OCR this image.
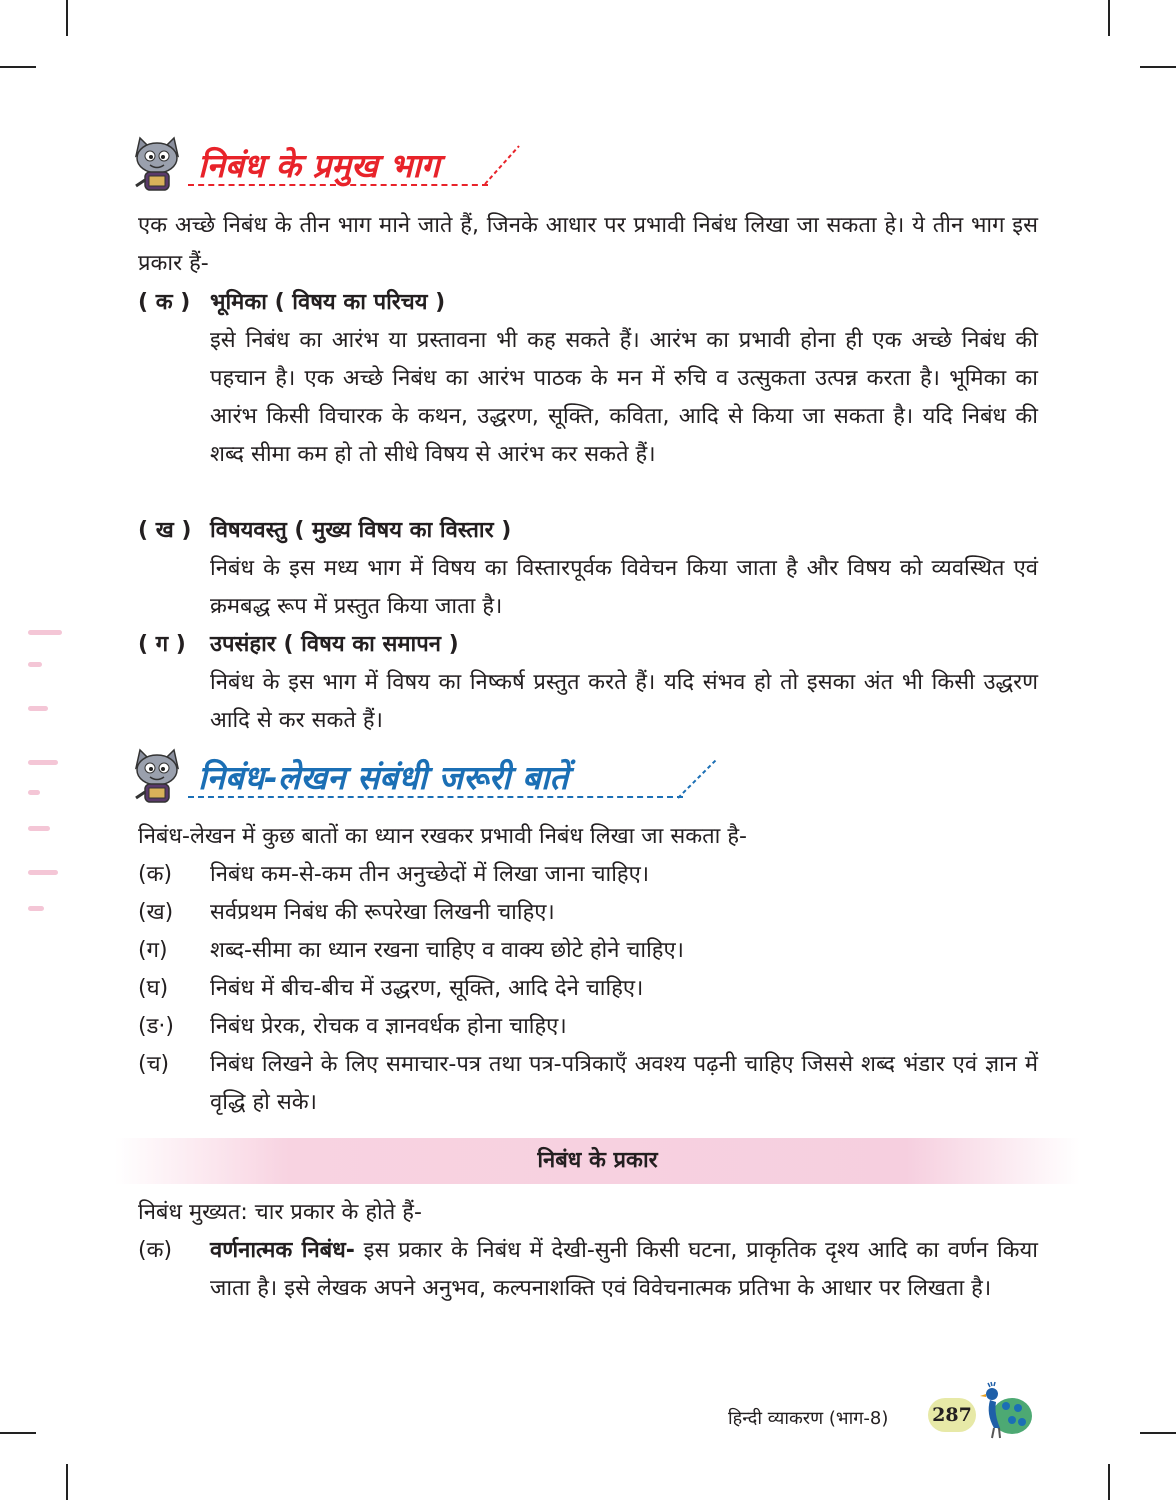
निबंध के प्रमुख भाग
एक अच्छे निबंध के तीन भाग माने जाते हैं, जिनके आधार पर प्रभावी निबंध लिखा जा सकता हे। ये तीन भाग इस प्रकार हैं-
( क ) भूमिका ( विषय का परिचय )
इसे निबंध का आरंभ या प्रस्तावना भी कह सकते हैं। आरंभ का प्रभावी होना ही एक अच्छे निबंध की पहचान है। एक अच्छे निबंध का आरंभ पाठक के मन में रुचि व उत्सुकता उत्पन्न करता है। भूमिका का आरंभ किसी विचारक के कथन, उद्धरण, सूक्ति, कविता, आदि से किया जा सकता है। यदि निबंध की शब्द सीमा कम हो तो सीधे विषय से आरंभ कर सकते हैं।
( ख ) विषयवस्तु ( मुख्य विषय का विस्तार )
निबंध के इस मध्य भाग में विषय का विस्तारपूर्वक विवेचन किया जाता है और विषय को व्यवस्थित एवं क्रमबद्ध रूप में प्रस्तुत किया जाता है।
( ग )	उपसंहार ( विषय का समापन )
निबंध के इस भाग में विषय का निष्कर्ष प्रस्तुत करते हैं। यदि संभव हो तो इसका अंत भी किसी उद्धरण आदि से कर सकते हैं।
निबंध-लेखन संबंधी जरूरी बातें
निबंध-लेखन में कुछ बातों का ध्यान रखकर प्रभावी निबंध लिखा जा सकता है-
(क)	निबंध कम-से-कम तीन अनुच्छेदों में लिखा जाना चाहिए।
(ख)	सर्वप्रथम निबंध की रूपरेखा लिखनी चाहिए।
(ग)	शब्द-सीमा का ध्यान रखना चाहिए व वाक्य छोटे होने चाहिए।
(घ)	निबंध में बीच-बीच में उद्धरण, सूक्ति, आदि देने चाहिए।
(ड·)	निबंध प्रेरक, रोचक व ज्ञानवर्धक होना चाहिए।
(च)	निबंध लिखने के लिए समाचार-पत्र तथा पत्र-पत्रिकाएँ अवश्य पढ़नी चाहिए जिससे शब्द भंडार एवं ज्ञान में वृद्धि हो सके।
निबंध के प्रकार
निबंध मुख्यत: चार प्रकार के होते हैं-
(क)	वर्णनात्मक निबंध- इस प्रकार के निबंध में देखी-सुनी किसी घटना, प्राकृतिक दृश्य आदि का वर्णन किया जाता है। इसे लेखक अपने अनुभव, कल्पनाशक्ति एवं विवेचनात्मक प्रतिभा के आधार पर लिखता है।
हिन्दी व्याकरण (भाग-8) 287
